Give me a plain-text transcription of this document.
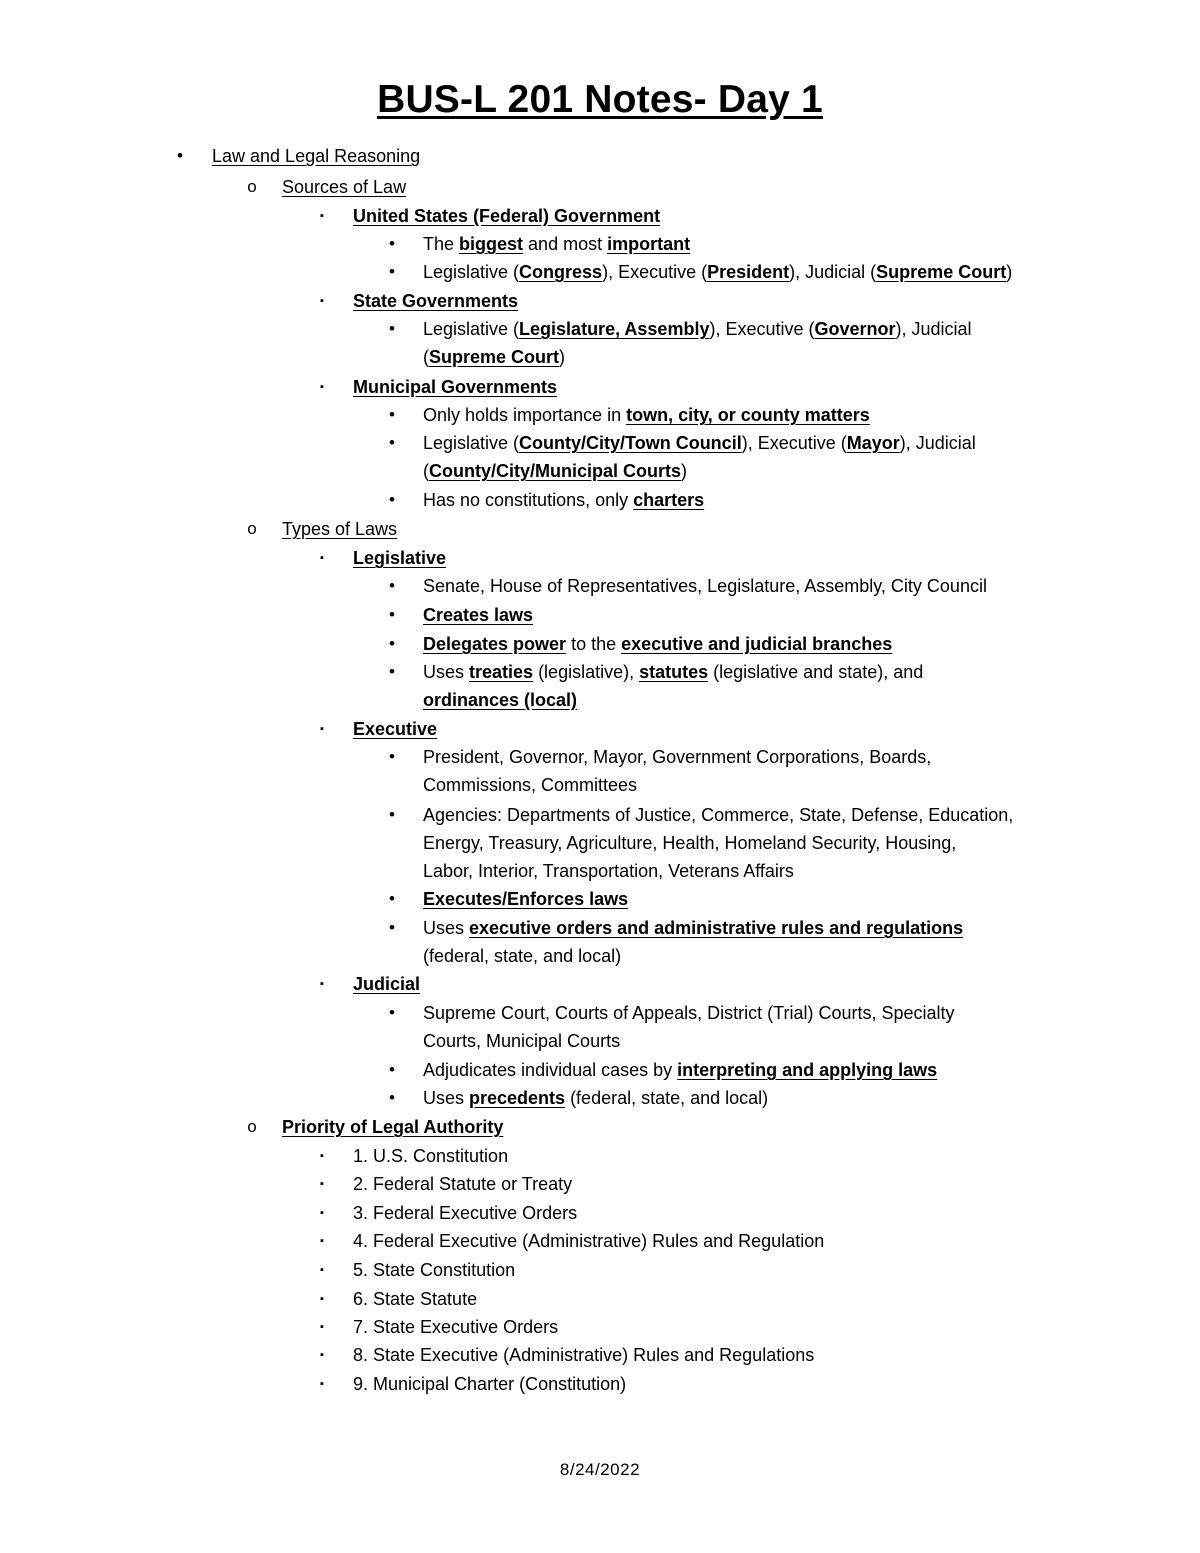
BUS-L 201 Notes- Day 1
• Law and Legal Reasoning
o Sources of Law
▪	United States (Federal) Government
• The biggest and most important
• Legislative (Congress), Executive (President), Judicial (Supreme Court)
▪	State Governments
• Legislative (Legislature, Assembly), Executive (Governor), Judicial
(Supreme Court)
▪	Municipal Governments
• Only holds importance in town, city, or county matters
• Legislative (County/City/Town Council), Executive (Mayor), Judicial
(County/City/Municipal Courts)
• Has no constitutions, only charters
o Types of Laws
▪	Legislative
• Senate, House of Representatives, Legislature, Assembly, City Council
• Creates laws
• Delegates power to the executive and judicial branches
• Uses treaties (legislative), statutes (legislative and state), and
ordinances (local)
▪	Executive
• President, Governor, Mayor, Government Corporations, Boards,
Commissions, Committees
• Agencies: Departments of Justice, Commerce, State, Defense, Education,
Energy, Treasury, Agriculture, Health, Homeland Security, Housing,
Labor, Interior, Transportation, Veterans Affairs
• Executes/Enforces laws
• Uses executive orders and administrative rules and regulations
(federal, state, and local)
▪	Judicial
• Supreme Court, Courts of Appeals, District (Trial) Courts, Specialty
Courts, Municipal Courts
• Adjudicates individual cases by interpreting and applying laws
• Uses precedents (federal, state, and local)
o Priority of Legal Authority
▪	1. U.S. Constitution
▪	2. Federal Statute or Treaty
▪	3. Federal Executive Orders
▪	4. Federal Executive (Administrative) Rules and Regulation
▪	5. State Constitution
▪	6. State Statute
▪	7. State Executive Orders
▪	8. State Executive (Administrative) Rules and Regulations
▪	9. Municipal Charter (Constitution)
8/24/2022
